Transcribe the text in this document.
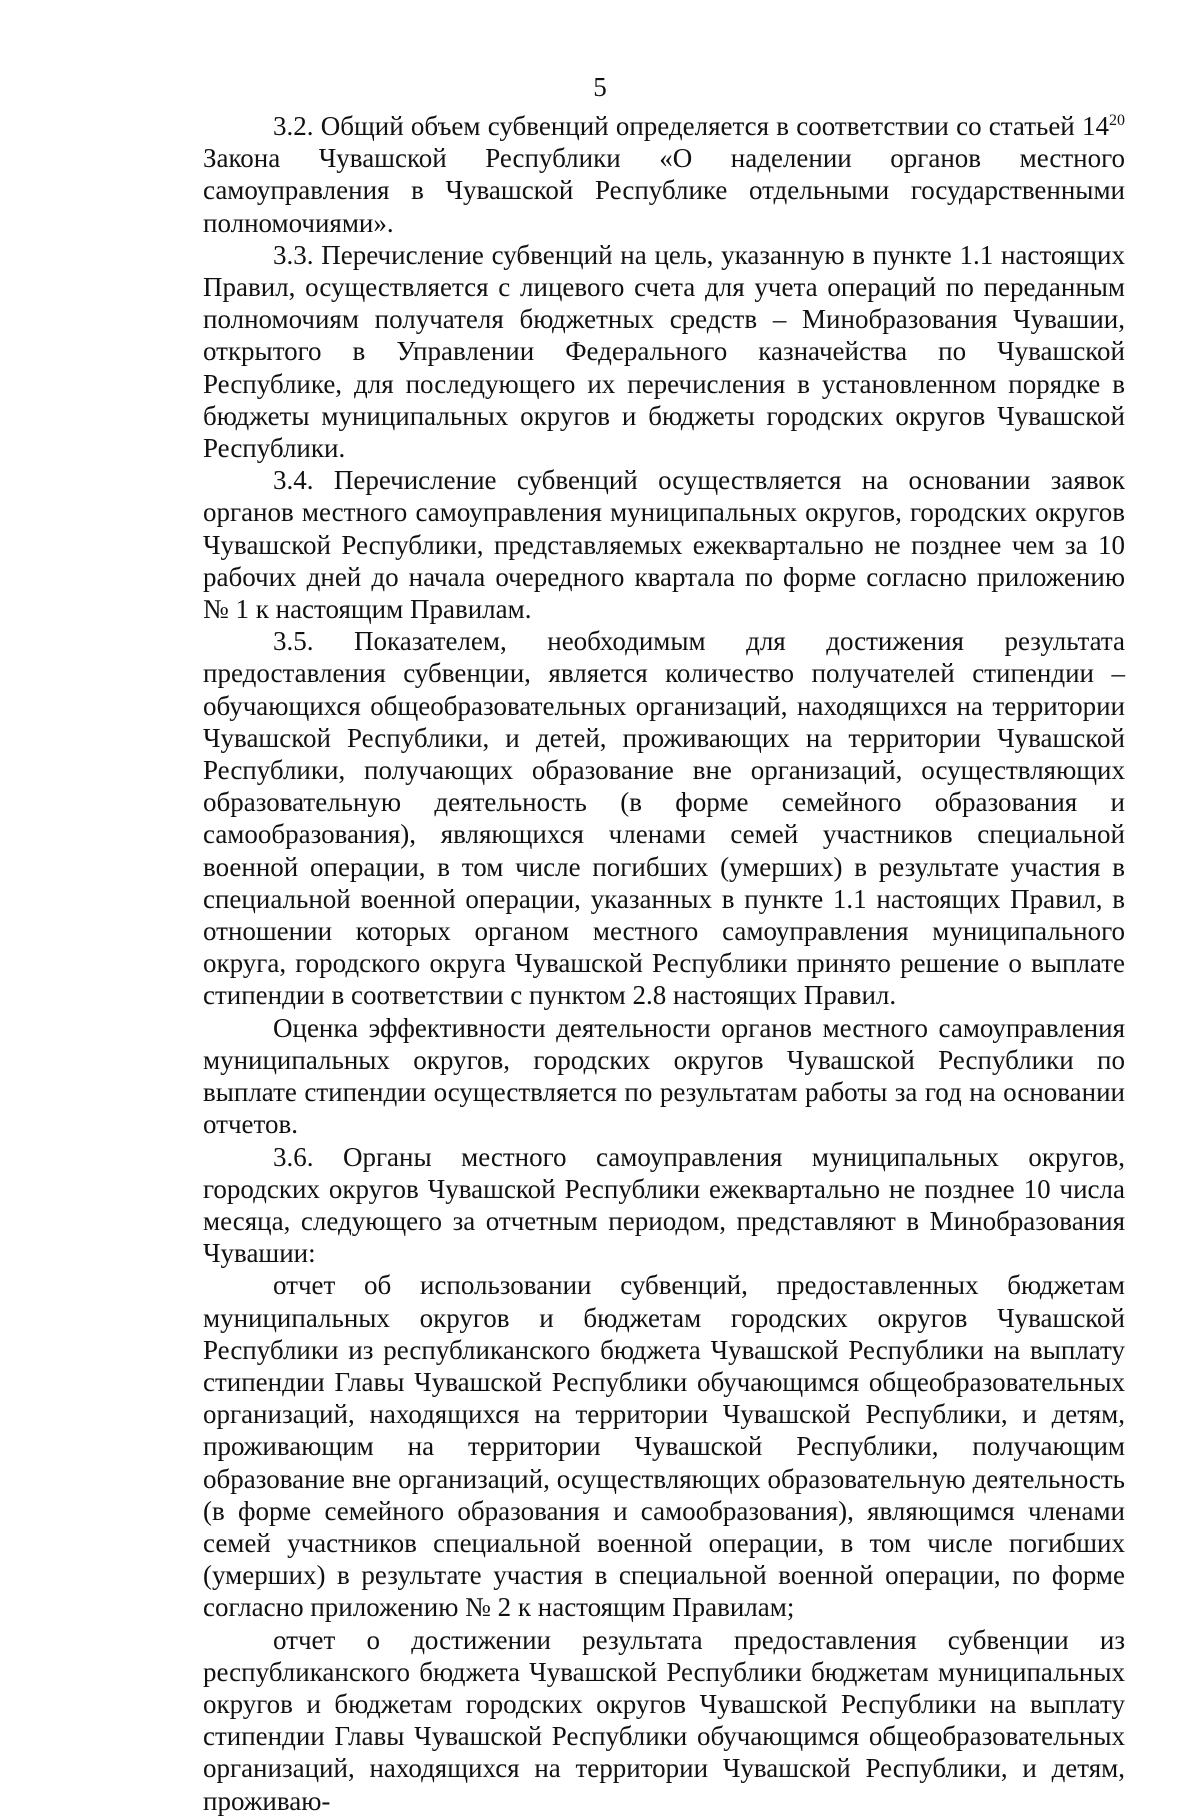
5

3.2. Общий объем субвенций определяется в соответствии со статьей $14^{20}$ Закона Чувашской Республики «О наделении органов местного самоуправления в Чувашской Республике отдельными государственными полномочиями».

3.3. Перечисление субвенций на цель, указанную в пункте 1.1 настоящих Правил, осуществляется с лицевого счета для учета операций по переданным полномочиям получателя бюджетных средств – Минобразования Чувашии, открытого в Управлении Федерального казначейства по Чувашской Республике, для последующего их перечисления в установленном порядке в бюджеты муниципальных округов и бюджеты городских округов Чувашской Республики.

3.4. Перечисление субвенций осуществляется на основании заявок органов местного самоуправления муниципальных округов, городских округов Чувашской Республики, представляемых ежеквартально не позднее чем за 10 рабочих дней до начала очередного квартала по форме согласно приложению № 1 к настоящим Правилам.

3.5. Показателем, необходимым для достижения результата предоставления субвенции, является количество получателей стипендии – обучающихся общеобразовательных организаций, находящихся на территории Чувашской Республики, и детей, проживающих на территории Чувашской Республики, получающих образование вне организаций, осуществляющих образовательную деятельность (в форме семейного образования и самообразования), являющихся членами семей участников специальной военной операции, в том числе погибших (умерших) в результате участия в специальной военной операции, указанных в пункте 1.1 настоящих Правил, в отношении которых органом местного самоуправления муниципального округа, городского округа Чувашской Республики принято решение о выплате стипендии в соответствии с пунктом 2.8 настоящих Правил.

Оценка эффективности деятельности органов местного самоуправления муниципальных округов, городских округов Чувашской Республики по выплате стипендии осуществляется по результатам работы за год на основании отчетов.

3.6. Органы местного самоуправления муниципальных округов, городских округов Чувашской Республики ежеквартально не позднее 10 числа месяца, следующего за отчетным периодом, представляют в Минобразования Чувашии:

отчет об использовании субвенций, предоставленных бюджетам муниципальных округов и бюджетам городских округов Чувашской Республики из республиканского бюджета Чувашской Республики на выплату стипендии Главы Чувашской Республики обучающимся общеобразовательных организаций, находящихся на территории Чувашской Республики, и детям, проживающим на территории Чувашской Республики, получающим образование вне организаций, осуществляющих образовательную деятельность (в форме семейного образования и самообразования), являющимся членами семей участников специальной военной операции, в том числе погибших (умерших) в результате участия в специальной военной операции, по форме согласно приложению № 2 к настоящим Правилам;

отчет о достижении результата предоставления субвенции из республиканского бюджета Чувашской Республики бюджетам муниципальных округов и бюджетам городских округов Чувашской Республики на выплату стипендии Главы Чувашской Республики обучающимся общеобразовательных организаций, находящихся на территории Чувашской Республики, и детям, проживаю-
